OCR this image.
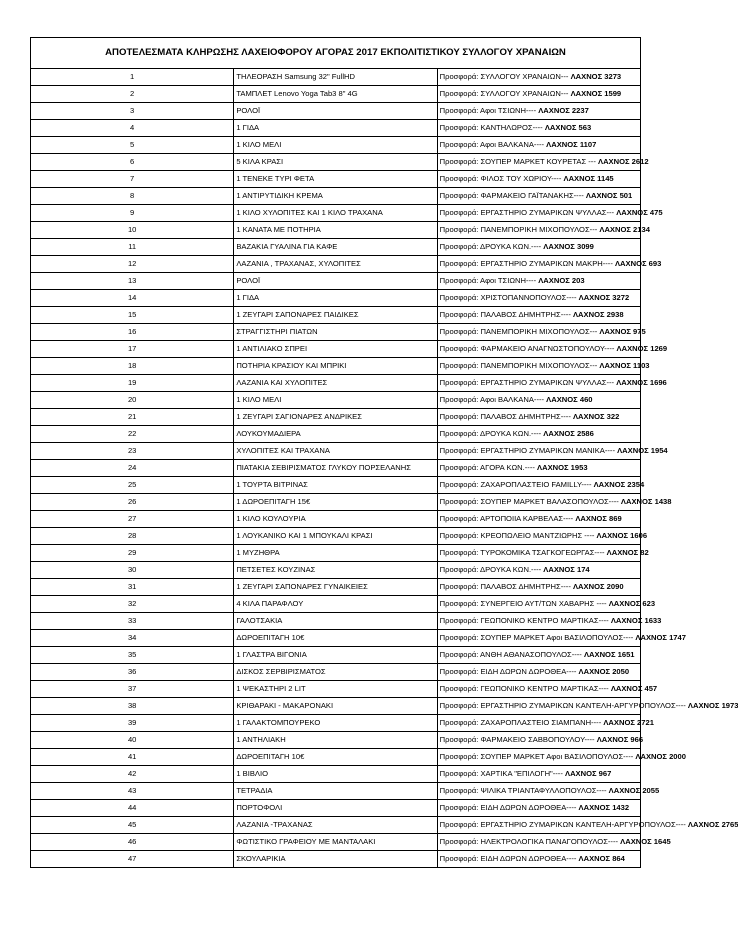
ΑΠΟΤΕΛΕΣΜΑΤΑ ΚΛΗΡΩΣΗΣ ΛΑΧΕΙΟΦΟΡΟΥ ΑΓΟΡΑΣ 2017 ΕΚΠΟΛΙΤΙΣΤΙΚΟΥ ΣΥΛΛΟΓΟΥ ΧΡΑΝΑΙΩΝ		
1	ΤΗΛΕΟΡΑΣΗ Samsung 32" FullHD	Προσφορά: ΣΥΛΛΟΓΟΥ ΧΡΑΝΑΙΩΝ--- ΛΑΧΝΟΣ 3273
2	ΤΑΜΠΛΕΤ Lenovo Yoga Tab3 8" 4G	Προσφορά: ΣΥΛΛΟΓΟΥ ΧΡΑΝΑΙΩΝ--- ΛΑΧΝΟΣ 1599
3	ΡΟΛΟΪ	Προσφορά: Αφοι ΤΣΙΩΝΗ---- ΛΑΧΝΟΣ 2237
4	1 ΓΙΔΑ	Προσφορά: ΚΑΝΤΗΛΩΡΟΣ---- ΛΑΧΝΟΣ 563
5	1 ΚΙΛΟ ΜΕΛΙ	Προσφορά: Αφοι ΒΑΛΚΑΝΑ---- ΛΑΧΝΟΣ 1107
6	5 ΚΙΛΑ ΚΡΑΣΙ	Προσφορά: ΣΟΥΠΕΡ ΜΑΡΚΕΤ ΚΟΥΡΕΤΑΣ --- ΛΑΧΝΟΣ 2612
7	1 ΤΕΝΕΚΕ ΤΥΡΙ ΦΕΤΑ	Προσφορά: ΦΙΛΟΣ ΤΟΥ ΧΩΡΙΟΥ---- ΛΑΧΝΟΣ 1145
8	1 ΑΝΤΙΡΥΤΙΔΙΚΗ ΚΡΕΜΑ	Προσφορά: ΦΑΡΜΑΚΕΙΟ ΓΑΪΤΑΝΑΚΗΣ---- ΛΑΧΝΟΣ 501
9	1 ΚΙΛΟ ΧΥΛΟΠΙΤΕΣ ΚΑΙ 1 ΚΙΛΟ ΤΡΑΧΑΝΑ	Προσφορά: ΕΡΓΑΣΤΗΡΙΟ ΖΥΜΑΡΙΚΩΝ ΨΥΛΛΑΣ--- ΛΑΧΝΟΣ 475
10	1 ΚΑΝΑΤΑ ΜΕ ΠΟΤΗΡΙΑ	Προσφορά: ΠΑΝΕΜΠΟΡΙΚΗ ΜΙΧΟΠΟΥΛΟΣ--- ΛΑΧΝΟΣ 2134
11	ΒΑΖΑΚΙΑ ΓΥΑΛΙΝΑ ΓΙΑ ΚΑΦΕ	Προσφορά: ΔΡΟΥΚΑ ΚΩΝ.---- ΛΑΧΝΟΣ 3099
12	ΛΑΖΑΝΙΑ , ΤΡΑΧΑΝΑΣ, ΧΥΛΟΠΙΤΕΣ	Προσφορά: ΕΡΓΑΣΤΗΡΙΟ ΖΥΜΑΡΙΚΩΝ ΜΑΚΡΗ---- ΛΑΧΝΟΣ 693
13	ΡΟΛΟΪ	Προσφορά: Αφοι ΤΣΙΩΝΗ---- ΛΑΧΝΟΣ 203
14	1 ΓΙΔΑ	Προσφορά: ΧΡΙΣΤΟΠΑΝΝΟΠΟΥΛΟΣ---- ΛΑΧΝΟΣ 3272
15	1 ΖΕΥΓΑΡΙ ΣΑΠΟΝΑΡΕΣ ΠΑΙΔΙΚΕΣ	Προσφορά: ΠΑΛΑΒΟΣ ΔΗΜΗΤΡΗΣ---- ΛΑΧΝΟΣ 2938
16	ΣΤΡΑΓΓΙΣΤΗΡΙ ΠΙΑΤΩΝ	Προσφορά: ΠΑΝΕΜΠΟΡΙΚΗ ΜΙΧΟΠΟΥΛΟΣ--- ΛΑΧΝΟΣ 975
17	1 ΑΝΤΙΛΙΑΚΟ ΣΠΡΕΙ	Προσφορά: ΦΑΡΜΑΚΕΙΟ ΑΝΑΓΝΩΣΤΟΠΟΥΛΟΥ---- ΛΑΧΝΟΣ 1269
18	ΠΟΤΗΡΙΑ ΚΡΑΣΙΟΥ ΚΑΙ ΜΠΡΙΚΙ	Προσφορά: ΠΑΝΕΜΠΟΡΙΚΗ ΜΙΧΟΠΟΥΛΟΣ--- ΛΑΧΝΟΣ 1103
19	ΛΑΖΑΝΙΑ ΚΑΙ ΧΥΛΟΠΙΤΕΣ	Προσφορά: ΕΡΓΑΣΤΗΡΙΟ ΖΥΜΑΡΙΚΩΝ ΨΥΛΛΑΣ--- ΛΑΧΝΟΣ 1696
20	1 ΚΙΛΟ ΜΕΛΙ	Προσφορά: Αφοι ΒΑΛΚΑΝΑ---- ΛΑΧΝΟΣ 460
21	1 ΖΕΥΓΑΡΙ ΣΑΓΙΟΝΑΡΕΣ ΑΝΔΡΙΚΕΣ	Προσφορά: ΠΑΛΑΒΟΣ ΔΗΜΗΤΡΗΣ---- ΛΑΧΝΟΣ 322
22	ΛΟΥΚΟΥΜΑΔΙΕΡΑ	Προσφορά: ΔΡΟΥΚΑ ΚΩΝ.---- ΛΑΧΝΟΣ 2586
23	ΧΥΛΟΠΙΤΕΣ ΚΑΙ ΤΡΑΧΑΝΑ	Προσφορά: ΕΡΓΑΣΤΗΡΙΟ ΖΥΜΑΡΙΚΩΝ ΜΑΝΙΚΑ---- ΛΑΧΝΟΣ 1954
24	ΠΙΑΤΑΚΙΑ ΣΕΒΙΡΙΣΜΑΤΟΣ ΓΛΥΚΟΥ ΠΟΡΣΕΛΑΝΗΣ	Προσφορά: ΑΓΟΡΑ ΚΩΝ.---- ΛΑΧΝΟΣ 1953
25	1 ΤΟΥΡΤΑ ΒΙΤΡΙΝΑΣ	Προσφορά: ΖΑΧΑΡΟΠΛΑΣΤΕΙΟ FAMILLY---- ΛΑΧΝΟΣ 2354
26	1 ΔΩΡΟΕΠΙΤΑΓΗ 15€	Προσφορά: ΣΟΥΠΕΡ ΜΑΡΚΕΤ ΒΑΛΑΣΟΠΟΥΛΟΣ---- ΛΑΧΝΟΣ 1438
27	1 ΚΙΛΟ ΚΟΥΛΟΥΡΙΑ	Προσφορά: ΑΡΤΟΠΟΙΙΑ ΚΑΡΒΕΛΑΣ---- ΛΑΧΝΟΣ 869
28	1 ΛΟΥΚΑΝΙΚΟ ΚΑΙ 1 ΜΠΟΥΚΑΛΙ ΚΡΑΣΙ	Προσφορά: ΚΡΕΟΠΩΛΕΙΟ ΜΑΝΤΖΙΩΡΗΣ ---- ΛΑΧΝΟΣ 1606
29	1 ΜΥΖΗΘΡΑ	Προσφορά: ΤΥΡΟΚΟΜΙΚΑ ΤΣΑΓΚΟΓΕΩΡΓΑΣ---- ΛΑΧΝΟΣ 82
30	ΠΕΤΣΕΤΕΣ ΚΟΥΖΙΝΑΣ	Προσφορά: ΔΡΟΥΚΑ ΚΩΝ.---- ΛΑΧΝΟΣ 174
31	1 ΖΕΥΓΑΡΙ ΣΑΠΟΝΑΡΕΣ ΓΥΝΑΙΚΕΙΕΣ	Προσφορά: ΠΑΛΑΒΟΣ ΔΗΜΗΤΡΗΣ---- ΛΑΧΝΟΣ 2090
32	4 ΚΙΛΑ ΠΑΡΑΦΛΟΥ	Προσφορά: ΣΥΝΕΡΓΕΙΟ ΑΥΤ/ΤΩΝ ΧΑΒΑΡΗΣ ---- ΛΑΧΝΟΣ 623
33	ΓΑΛΟΤΣΑΚΙΑ	Προσφορά: ΓΕΩΠΟΝΙΚΟ ΚΕΝΤΡΟ ΜΑΡΤΙΚΑΣ---- ΛΑΧΝΟΣ 1633
34	ΔΩΡΟΕΠΙΤΑΓΗ 10€	Προσφορά: ΣΟΥΠΕΡ ΜΑΡΚΕΤ Αφοι ΒΑΣΙΛΟΠΟΥΛΟΣ---- ΛΑΧΝΟΣ 1747
35	1 ΓΛΑΣΤΡΑ ΒΙΓΟΝΙΑ	Προσφορά: ΑΝΘΗ ΑΘΑΝΑΣΟΠΟΥΛΟΣ---- ΛΑΧΝΟΣ 1651
36	ΔΙΣΚΟΣ ΣΕΡΒΙΡΙΣΜΑΤΟΣ	Προσφορά: ΕΙΔΗ ΔΩΡΩΝ ΔΩΡΟΘΕΑ---- ΛΑΧΝΟΣ 2050
37	1 ΨΕΚΑΣΤΗΡΙ 2 LIT	Προσφορά: ΓΕΩΠΟΝΙΚΟ ΚΕΝΤΡΟ ΜΑΡΤΙΚΑΣ---- ΛΑΧΝΟΣ 457
38	ΚΡΙΘΑΡΑΚΙ - ΜΑΚΑΡΟΝΑΚΙ	Προσφορά: ΕΡΓΑΣΤΗΡΙΟ ΖΥΜΑΡΙΚΩΝ ΚΑΝΤΕΛΗ-ΑΡΓΥΡΟΠΟΥΛΟΣ---- ΛΑΧΝΟΣ 1973
39	1 ΓΑΛΑΚΤΟΜΠΟΥΡΕΚΟ	Προσφορά: ΖΑΧΑΡΟΠΛΑΣΤΕΙΟ ΣΙΑΜΠΑΝΗ---- ΛΑΧΝΟΣ 2721
40	1 ΑΝΤΗΛΙΑΚΗ	Προσφορά: ΦΑΡΜΑΚΕΙΟ ΣΑΒΒΟΠΟΥΛΟΥ---- ΛΑΧΝΟΣ 966
41	ΔΩΡΟΕΠΙΤΑΓΗ 10€	Προσφορά: ΣΟΥΠΕΡ ΜΑΡΚΕΤ Αφοι ΒΑΣΙΛΟΠΟΥΛΟΣ---- ΛΑΧΝΟΣ 2000
42	1 ΒΙΒΛΙΟ	Προσφορά: ΧΑΡΤΙΚΑ "ΕΠΙΛΟΓΗ"---- ΛΑΧΝΟΣ 967
43	ΤΕΤΡΑΔΙΑ	Προσφορά: ΨΙΛΙΚΑ ΤΡΙΑΝΤΑΦΥΛΛΟΠΟΥΛΟΣ---- ΛΑΧΝΟΣ 2055
44	ΠΟΡΤΟΦΟΛΙ	Προσφορά: ΕΙΔΗ ΔΩΡΩΝ ΔΩΡΟΘΕΑ---- ΛΑΧΝΟΣ 1432
45	ΛΑΖΑΝΙΑ -ΤΡΑΧΑΝΑΣ	Προσφορά: ΕΡΓΑΣΤΗΡΙΟ ΖΥΜΑΡΙΚΩΝ ΚΑΝΤΕΛΗ-ΑΡΓΥΡΟΠΟΥΛΟΣ---- ΛΑΧΝΟΣ 2765
46	ΦΩΤΙΣΤΙΚΟ ΓΡΑΦΕΙΟΥ ΜΕ ΜΑΝΤΑΛΑΚΙ	Προσφορά: ΗΛΕΚΤΡΟΛΟΓΙΚΑ ΠΑΝΑΓΟΠΟΥΛΟΣ---- ΛΑΧΝΟΣ 1645
47	ΣΚΟΥΛΑΡΙΚΙΑ	Προσφορά: ΕΙΔΗ ΔΩΡΩΝ ΔΩΡΟΘΕΑ---- ΛΑΧΝΟΣ 864
